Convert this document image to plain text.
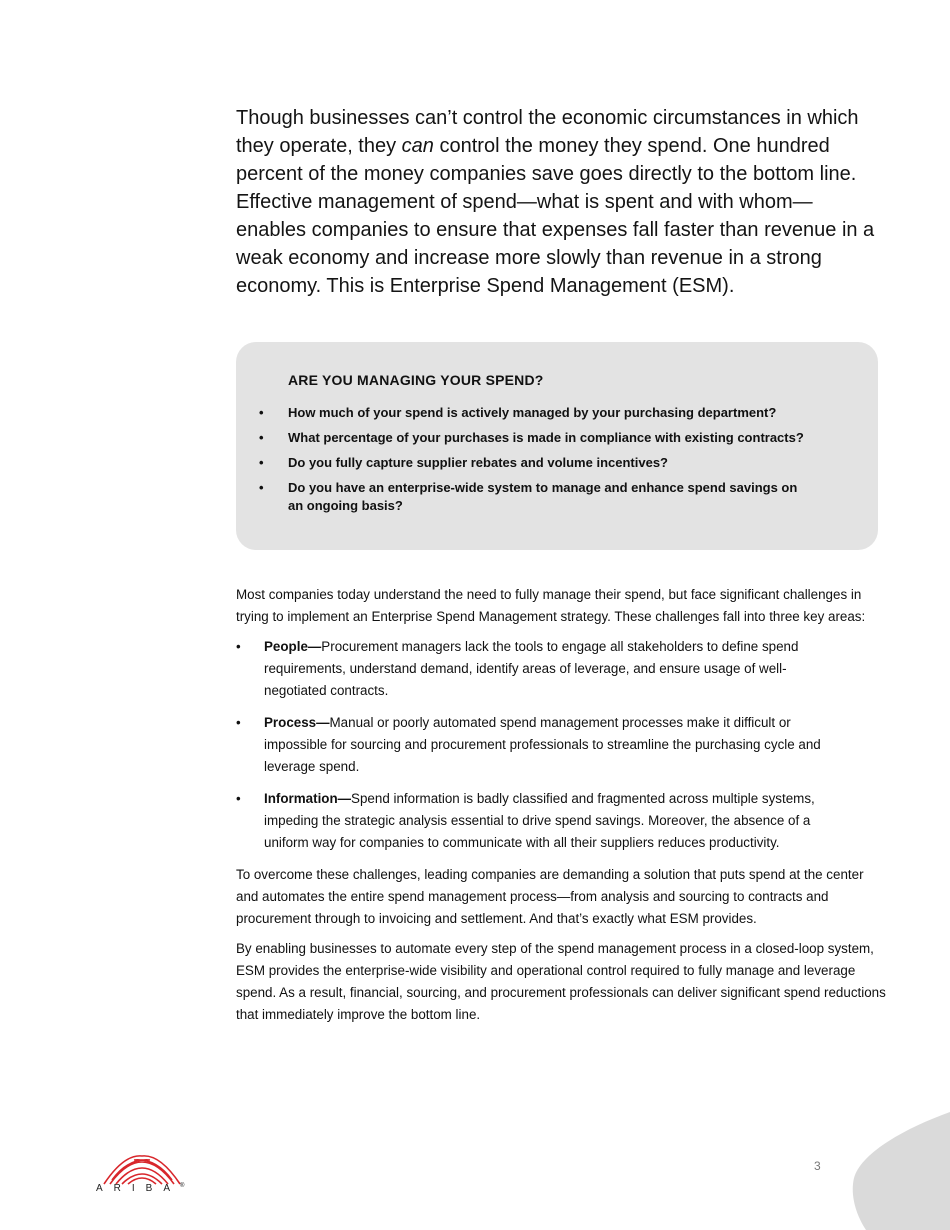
Though businesses can’t control the economic circumstances in which they operate, they can control the money they spend. One hundred percent of the money companies save goes directly to the bottom line. Effective management of spend—what is spent and with whom—enables companies to ensure that expenses fall faster than revenue in a weak economy and increase more slowly than revenue in a strong economy. This is Enterprise Spend Management (ESM).

ARE YOU MANAGING YOUR SPEND?
• How much of your spend is actively managed by your purchasing department?
• What percentage of your purchases is made in compliance with existing contracts?
• Do you fully capture supplier rebates and volume incentives?
• Do you have an enterprise-wide system to manage and enhance spend savings on an ongoing basis?

Most companies today understand the need to fully manage their spend, but face significant challenges in trying to implement an Enterprise Spend Management strategy. These challenges fall into three key areas:

• People—Procurement managers lack the tools to engage all stakeholders to define spend requirements, understand demand, identify areas of leverage, and ensure usage of well-negotiated contracts.
• Process—Manual or poorly automated spend management processes make it difficult or impossible for sourcing and procurement professionals to streamline the purchasing cycle and leverage spend.
• Information—Spend information is badly classified and fragmented across multiple systems, impeding the strategic analysis essential to drive spend savings. Moreover, the absence of a uniform way for companies to communicate with all their suppliers reduces productivity.

To overcome these challenges, leading companies are demanding a solution that puts spend at the center and automates the entire spend management process—from analysis and sourcing to contracts and procurement through to invoicing and settlement. And that’s exactly what ESM provides.

By enabling businesses to automate every step of the spend management process in a closed-loop system, ESM provides the enterprise-wide visibility and operational control required to fully manage and leverage spend. As a result, financial, sourcing, and procurement professionals can deliver significant spend reductions that immediately improve the bottom line.

3
ARIBA
®
